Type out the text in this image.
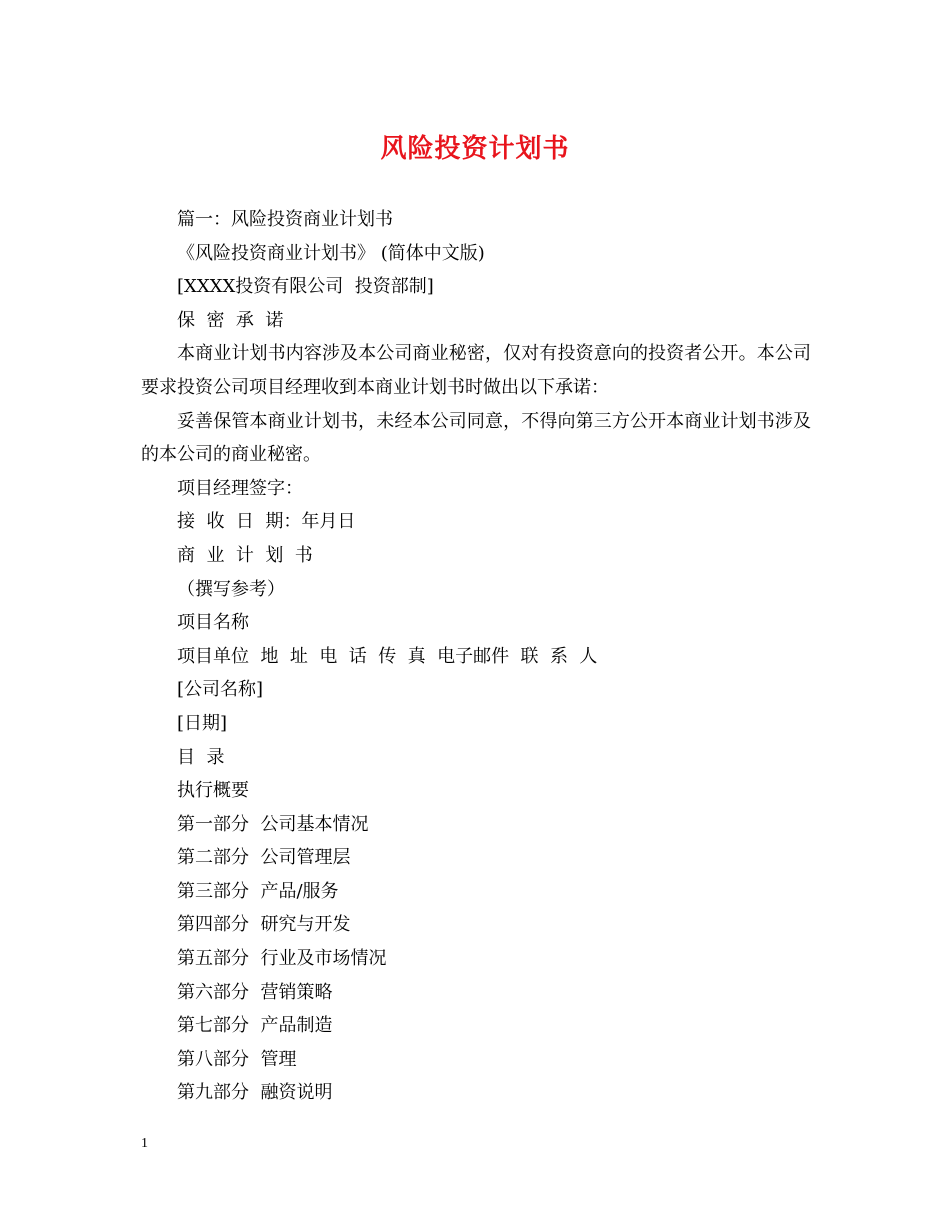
风险投资计划书

篇一：风险投资商业计划书

《风险投资商业计划书》 (简体中文版)

[XXXX投资有限公司  投资部制]

保  密  承  诺

本商业计划书内容涉及本公司商业秘密，仅对有投资意向的投资者公开。本公司要求投资公司项目经理收到本商业计划书时做出以下承诺：

妥善保管本商业计划书，未经本公司同意，不得向第三方公开本商业计划书涉及的本公司的商业秘密。

项目经理签字：

接  收  日  期：年月日

商  业  计  划  书

（撰写参考）

项目名称

项目单位  地  址  电  话  传  真  电子邮件  联  系  人

[公司名称]

[日期]

目  录

执行概要

第一部分  公司基本情况

第二部分  公司管理层

第三部分  产品/服务

第四部分  研究与开发

第五部分  行业及市场情况

第六部分  营销策略

第七部分  产品制造

第八部分  管理

第九部分  融资说明

1
